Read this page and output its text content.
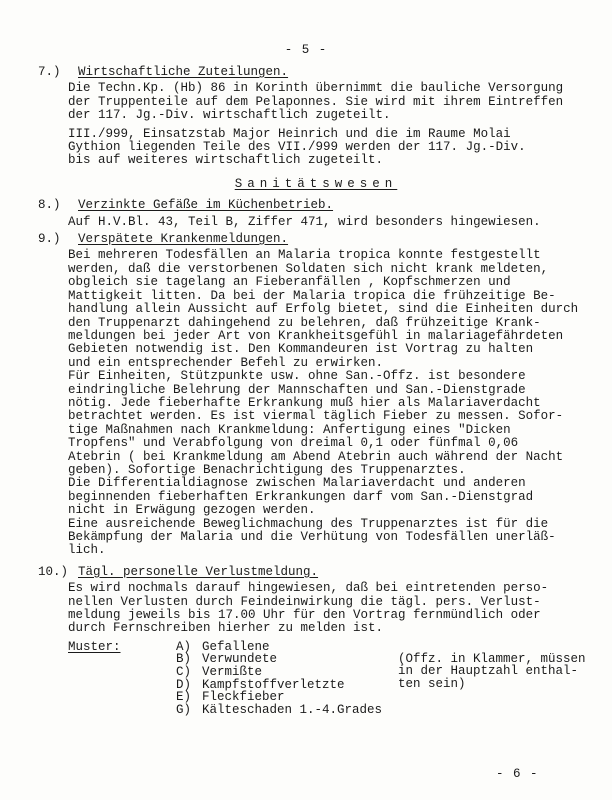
- 5 -
7.)	Wirtschaftliche Zuteilungen.

Die Techn.Kp. (Hb) 86 in Korinth übernimmt die bauliche Versorgung
der Truppenteile auf dem Pelaponnes. Sie wird mit ihrem Eintreffen
der 117. Jg.-Div. wirtschaftlich zugeteilt.

III./999, Einsatzstab Major Heinrich und die im Raume Molai
Gythion liegenden Teile des VII./999 werden der 117. Jg.-Div.
bis auf weiteres wirtschaftlich zugeteilt.

Sanitätswesen
8.)	Verzinkte Gefäße im Küchenbetrieb.

Auf H.V.Bl. 43, Teil B, Ziffer 471, wird besonders hingewiesen.

9.)	Verspätete Krankenmeldungen.

Bei mehreren Todesfällen an Malaria tropica konnte festgestellt
werden, daß die verstorbenen Soldaten sich nicht krank meldeten,
obgleich sie tagelang an Fieberanfällen , Kopfschmerzen und
Mattigkeit litten. Da bei der Malaria tropica die frühzeitige Be-
handlung allein Aussicht auf Erfolg bietet, sind die Einheiten durch
den Truppenarzt dahingehend zu belehren, daß frühzeitige Krank-
meldungen bei jeder Art von Krankheitsgefühl in malariagefährdeten
Gebieten notwendig ist. Den Kommandeuren ist Vortrag zu halten
und ein entsprechender Befehl zu erwirken.
Für Einheiten, Stützpunkte usw. ohne San.-Offz. ist besondere
eindringliche Belehrung der Mannschaften und San.-Dienstgrade
nötig. Jede fieberhafte Erkrankung muß hier als Malariaverdacht
betrachtet werden. Es ist viermal täglich Fieber zu messen. Sofor-
tige Maßnahmen nach Krankmeldung: Anfertigung eines "Dicken
Tropfens" und Verabfolgung von dreimal 0,1 oder fünfmal 0,06
Atebrin ( bei Krankmeldung am Abend Atebrin auch während der Nacht
geben). Sofortige Benachrichtigung des Truppenarztes.
Die Differentialdiagnose zwischen Malariaverdacht und anderen
beginnenden fieberhaften Erkrankungen darf vom San.-Dienstgrad
nicht in Erwägung gezogen werden.
Eine ausreichende Beweglichmachung des Truppenarztes ist für die
Bekämpfung der Malaria und die Verhütung von Todesfällen unerläß-
lich.

10.) Tägl. personelle Verlustmeldung.

Es wird nochmals darauf hingewiesen, daß bei eintretenden perso-
nellen Verlusten durch Feindeinwirkung die tägl. pers. Verlust-
meldung jeweils bis 17.00 Uhr für den Vortrag fernmündlich oder
durch Fernschreiben hierher zu melden ist.

Muster:	A) Gefallene
B) Verwundete
C) Vermißte
D) Kampfstoffverletzte
E) Fleckfieber
G) Kälteschaden 1.-4.Grades

(Offz. in Klammer, müssen
in der Hauptzahl enthal-
ten sein)

- 6 -
